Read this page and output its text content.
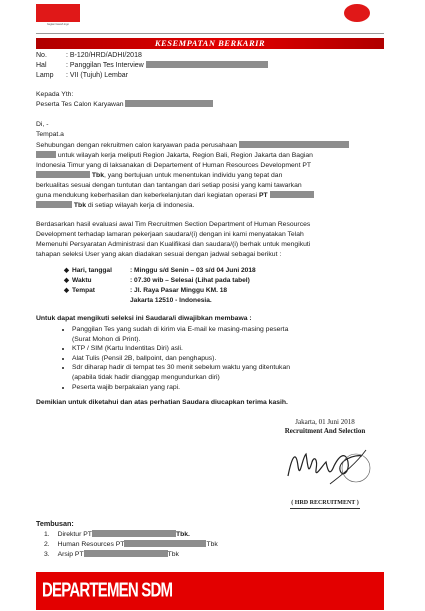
bagian bawah logo
KESEMPATAN BERKARIR
No.	: B-120/HRD/ADHI/2018
Hal	: Panggilan Tes Interview
Lamp : VII (Tujuh) Lembar
Kepada Yth:
Peserta Tes Calon Karyawan
Di, -
Tempat.a
Sehubungan dengan rekruitmen calon karyawan pada perusahaan
untuk wilayah kerja meliputi Region Jakarta, Region Bali, Region Jakarta dan Bagian
Indonesia Timur yang di laksanakan di Departement of Human Resources Development PT
Tbk, yang bertujuan untuk menentukan individu yang tepat dan
berkualitas sesuai dengan tuntutan dan tantangan dari setiap posisi yang kami tawarkan
guna mendukung keberhasilan dan keberkelanjutan dari kegiatan operasi PT
Tbk di setiap wilayah kerja di indonesia.
Berdasarkan hasil evaluasi awal Tim Recruitmen Section Department of Human Resources
Development terhadap lamaran pekerjaan saudara/(i) dengan ini kami menyatakan Telah
Memenuhi Persyaratan Administrasi dan Kualifikasi dan saudara/(i) berhak untuk mengikuti
tahapan seleksi User yang akan diadakan sesuai dengan jadwal sebagai berikut :
◆ Hari, tanggal	: Minggu s/d Senin – 03 s/d 04 Juni 2018
◆ Waktu	: 07.30 wib – Selesai (Lihat pada tabel)
◆ Tempat	: Jl. Raya Pasar Minggu KM. 18
Jakarta 12510 - Indonesia.
Untuk dapat mengikuti seleksi ini Saudara/i diwajibkan membawa :
• Panggilan Tes yang sudah di kirim via E-mail ke masing-masing peserta
(Surat Mohon di Print).
• KTP / SIM (Kartu Indentitas Diri) asli.
• Alat Tulis (Pensil 2B, ballpoint, dan penghapus).
• Sdr diharap hadir di tempat tes 30 menit sebelum waktu yang ditentukan
(apabila tidak hadir dianggap mengundurkan diri)
• Peserta wajib berpakaian yang rapi.
Demikian untuk diketahui dan atas perhatian Saudara diucapkan terima kasih.
Jakarta, 01 Juni 2018
Recruitment And Selection
( HRD RECRUITMENT )
Tembusan:
1. Direktur PT	Tbk.
2. Human Resources PT	Tbk
3. Arsip PT	Tbk
DEPARTEMEN SDM
